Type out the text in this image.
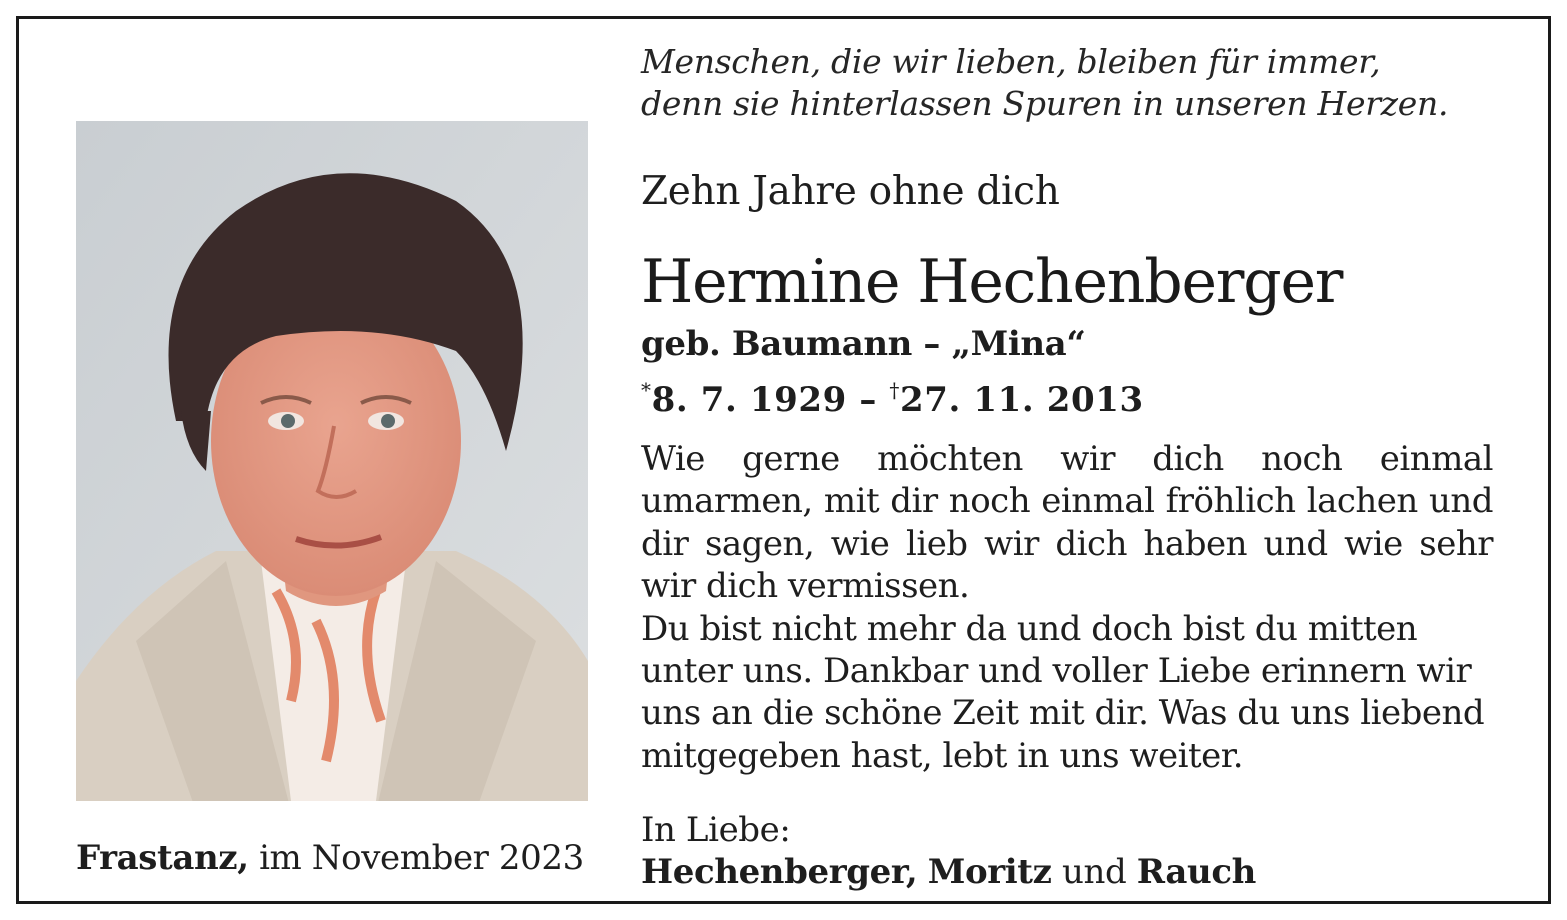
Menschen, die wir lieben, bleiben für immer,
denn sie hinterlassen Spuren in unseren Herzen.
Frastanz, im November 2023
Zehn Jahre ohne dich
Hermine Hechenberger
geb. Baumann – „Mina“
*8. 7. 1929 – †27. 11. 2013

Wie gerne möchten wir dich noch einmal umarmen, mit dir noch einmal fröhlich lachen und dir sagen, wie lieb wir dich haben und wie sehr wir dich vermissen.

Du bist nicht mehr da und doch bist du mitten unter uns. Dankbar und voller Liebe erinnern wir uns an die schöne Zeit mit dir. Was du uns liebend mitgegeben hast, lebt in uns weiter.

In Liebe:
Hechenberger, Moritz und Rauch
